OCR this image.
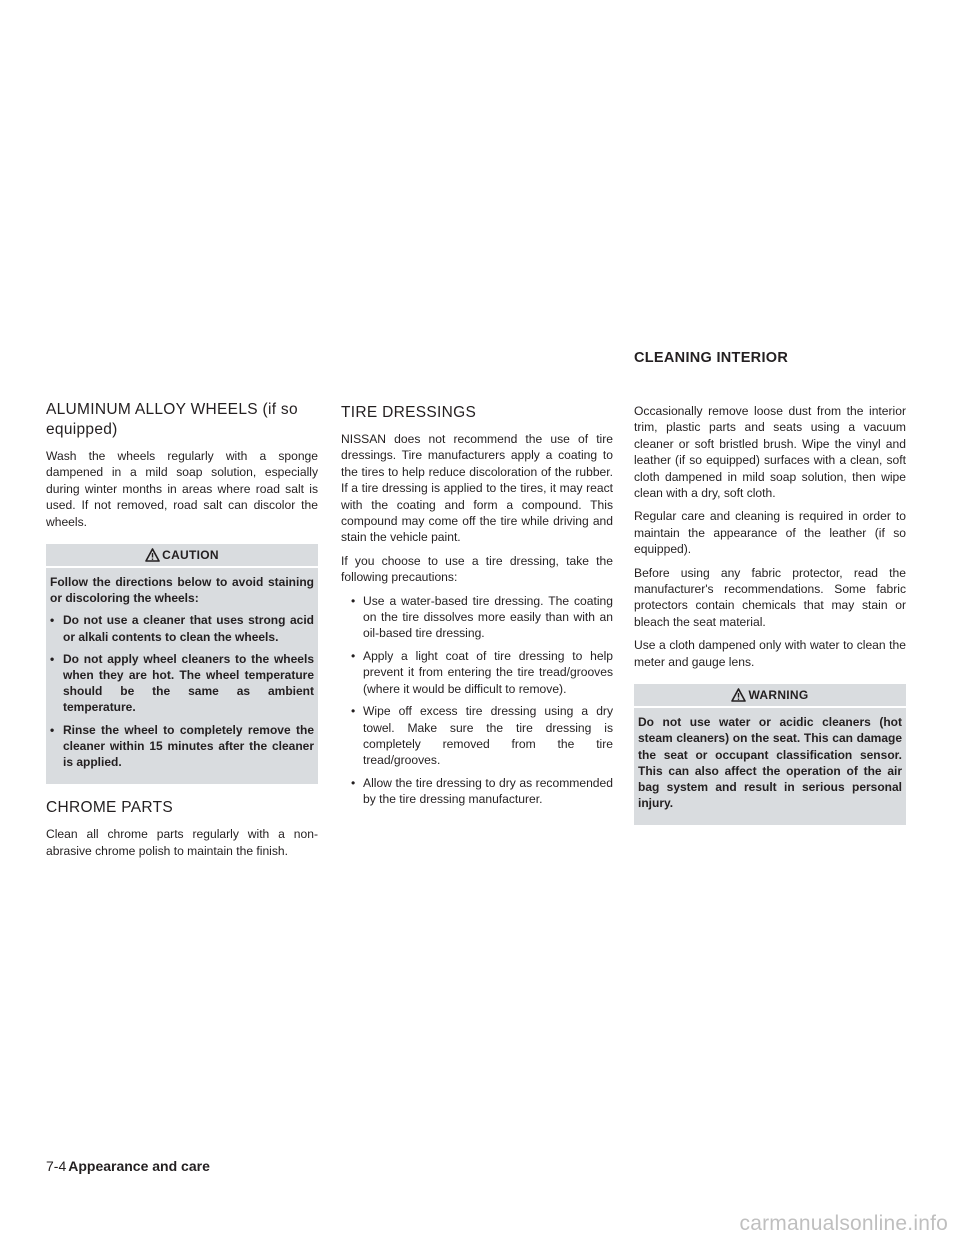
CLEANING INTERIOR
ALUMINUM ALLOY WHEELS (if so equipped)

Wash the wheels regularly with a sponge dampened in a mild soap solution, especially during winter months in areas where road salt is used. If not removed, road salt can discolor the wheels.

CAUTION

Follow the directions below to avoid staining or discoloring the wheels:

• Do not use a cleaner that uses strong acid or alkali contents to clean the wheels.
• Do not apply wheel cleaners to the wheels when they are hot. The wheel temperature should be the same as ambient temperature.
• Rinse the wheel to completely remove the cleaner within 15 minutes after the cleaner is applied.
CHROME PARTS

Clean all chrome parts regularly with a non-abrasive chrome polish to maintain the finish.

TIRE DRESSINGS

NISSAN does not recommend the use of tire dressings. Tire manufacturers apply a coating to the tires to help reduce discoloration of the rubber. If a tire dressing is applied to the tires, it may react with the coating and form a compound. This compound may come off the tire while driving and stain the vehicle paint.

If you choose to use a tire dressing, take the following precautions:

• Use a water-based tire dressing. The coating on the tire dissolves more easily than with an oil-based tire dressing.
• Apply a light coat of tire dressing to help prevent it from entering the tire tread/grooves (where it would be difficult to remove).
• Wipe off excess tire dressing using a dry towel. Make sure the tire dressing is completely removed from the tire tread/grooves.
• Allow the tire dressing to dry as recommended by the tire dressing manufacturer.

Occasionally remove loose dust from the interior trim, plastic parts and seats using a vacuum cleaner or soft bristled brush. Wipe the vinyl and leather (if so equipped) surfaces with a clean, soft cloth dampened in mild soap solution, then wipe clean with a dry, soft cloth.

Regular care and cleaning is required in order to maintain the appearance of the leather (if so equipped).

Before using any fabric protector, read the manufacturer's recommendations. Some fabric protectors contain chemicals that may stain or bleach the seat material.

Use a cloth dampened only with water to clean the meter and gauge lens.

WARNING

Do not use water or acidic cleaners (hot steam cleaners) on the seat. This can damage the seat or occupant classification sensor. This can also affect the operation of the air bag system and result in serious personal injury.

7-4 Appearance and care
carmanualsonline.info
